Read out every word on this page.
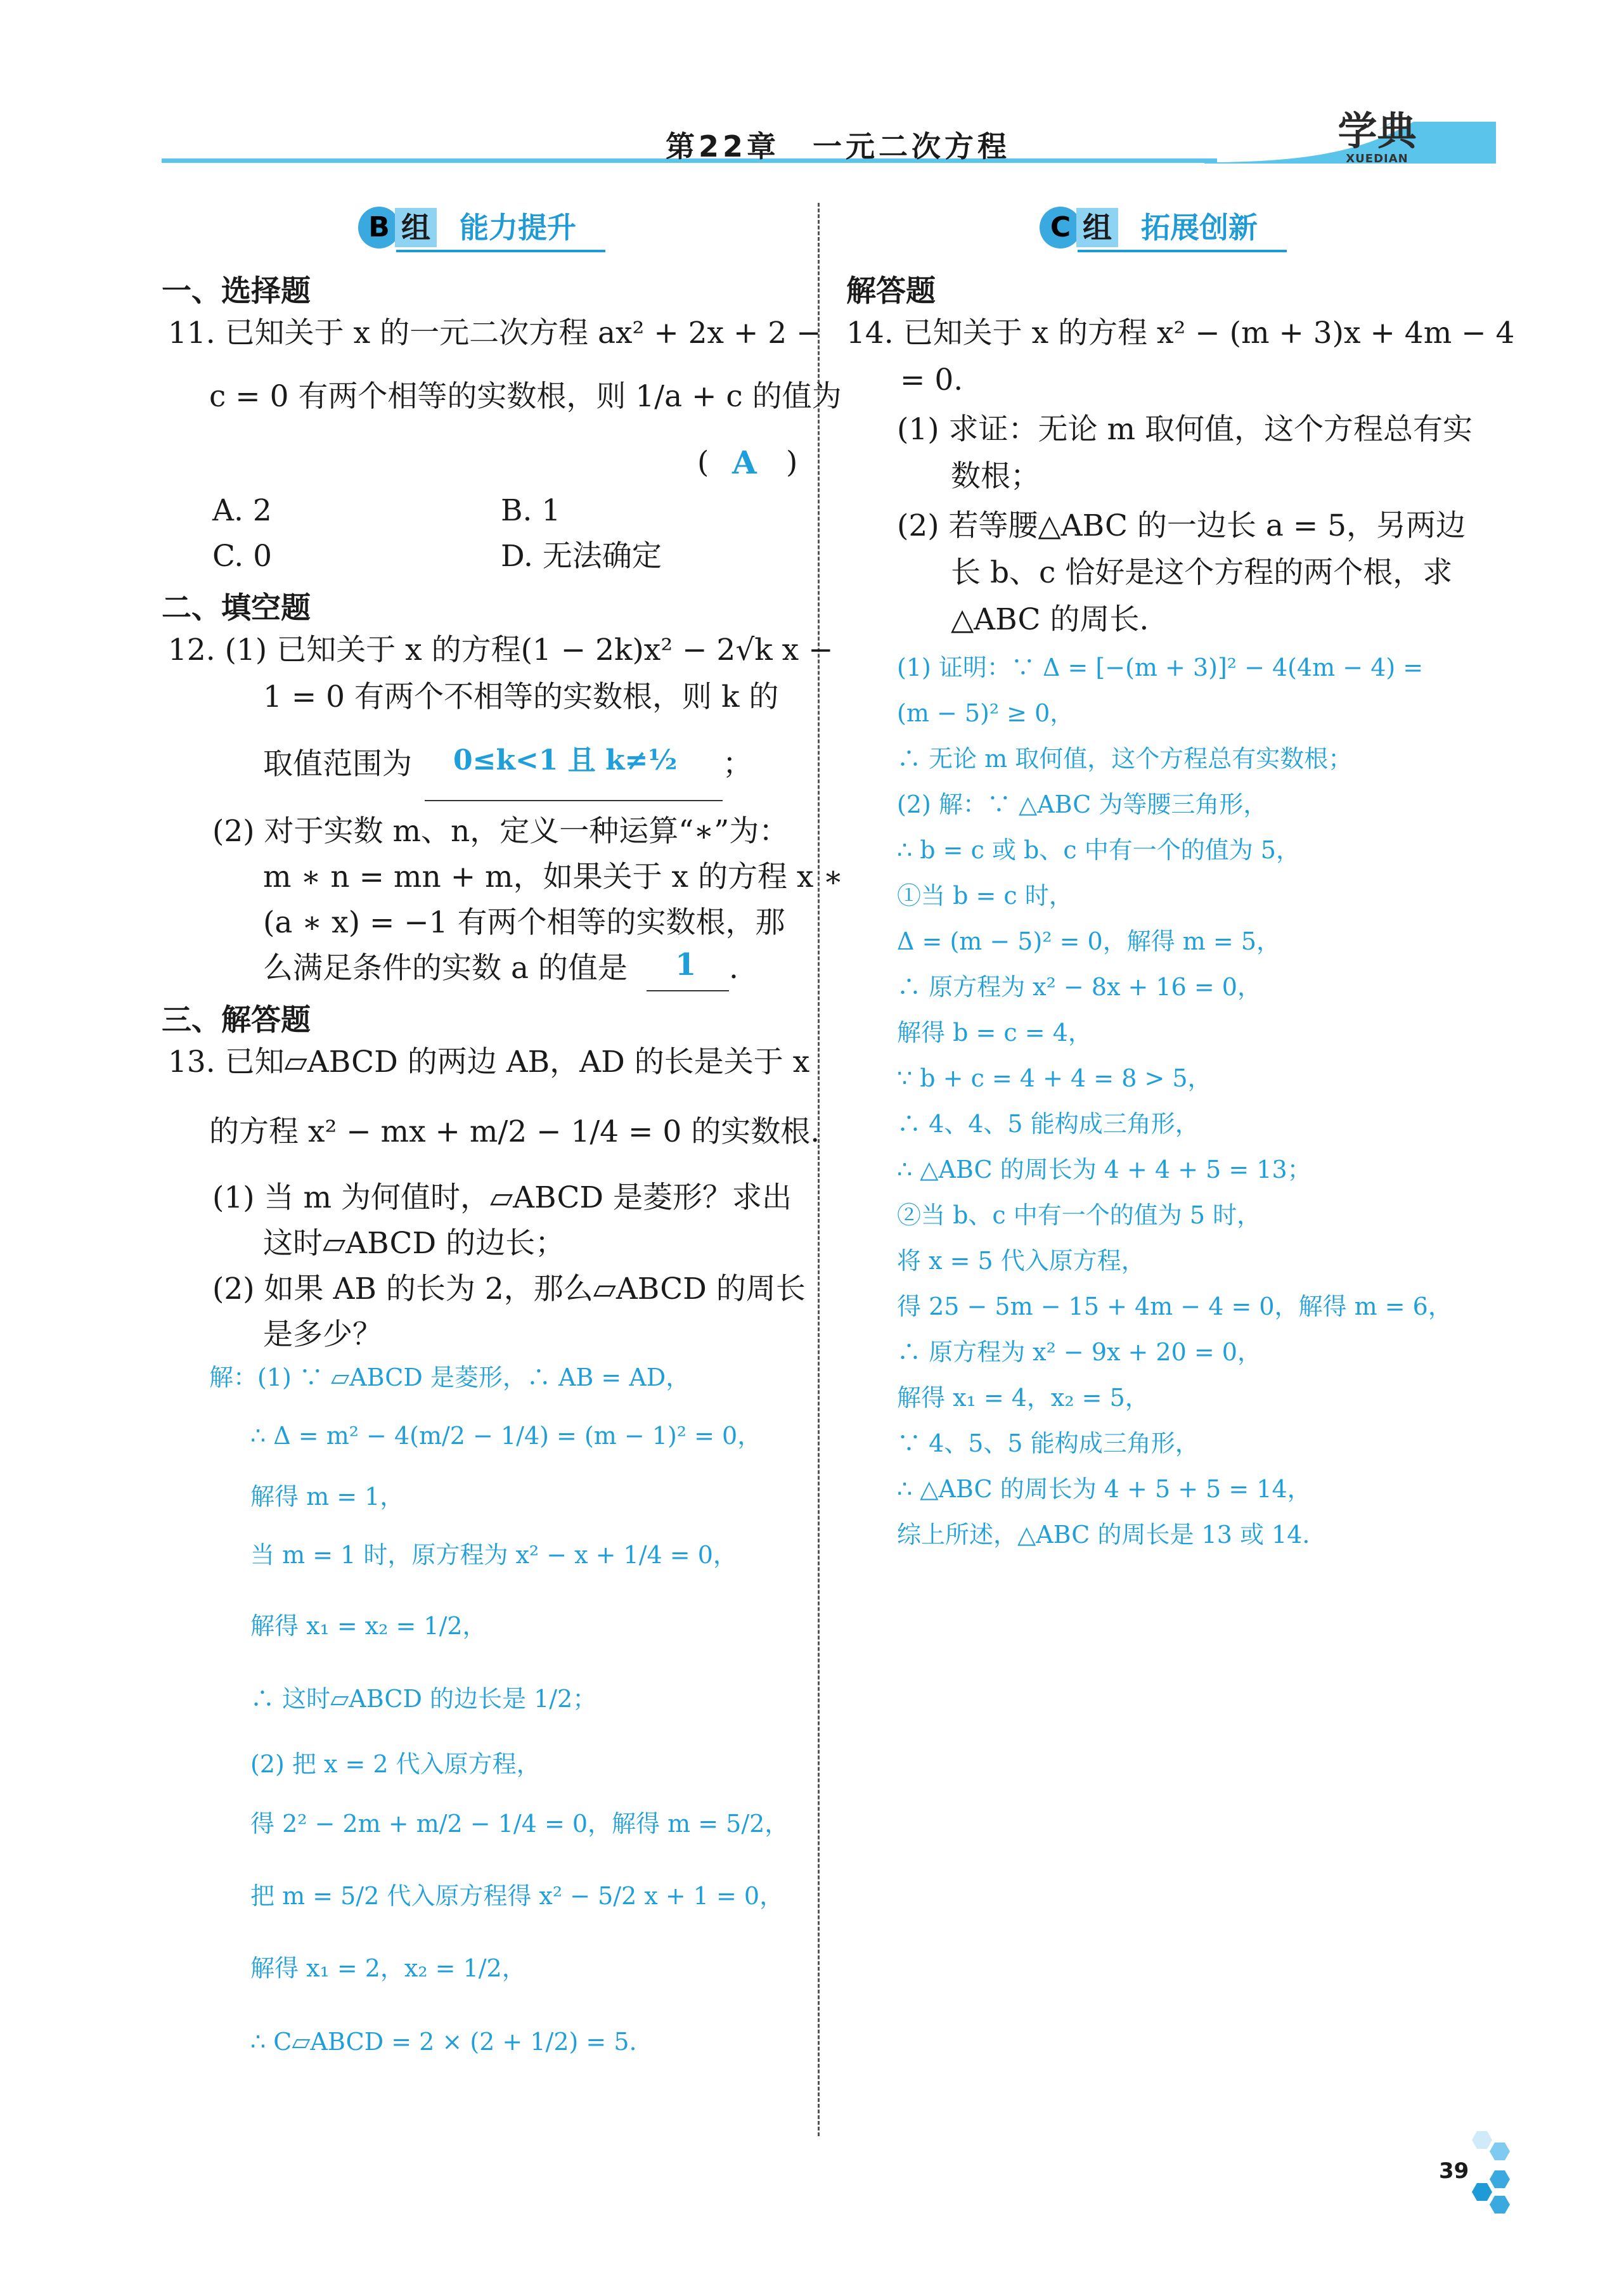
第22章　一元二次方程	学典
XUEDIAN
B 组 能力提升	C 组 拓展创新
一、选择题
11. 已知关于 x 的一元二次方程 ax² + 2x + 2 −
c = 0 有两个相等的实数根，则 1/a + c 的值为
( A )
A. 2	B. 1
C. 0	D. 无法确定
二、填空题
12. (1) 已知关于 x 的方程(1 − 2k)x² − 2√k x −
1 = 0 有两个不相等的实数根，则 k 的
取值范围为 0≤k<1 且 k≠½ ；
(2) 对于实数 m、n，定义一种运算“∗”为：
m ∗ n = mn + m，如果关于 x 的方程 x ∗
(a ∗ x) = −1 有两个相等的实数根，那
么满足条件的实数 a 的值是 1 .
三、解答题
13. 已知▱ABCD 的两边 AB，AD 的长是关于 x
的方程 x² − mx + m/2 − 1/4 = 0 的实数根.
(1) 当 m 为何值时，▱ABCD 是菱形？求出
这时▱ABCD 的边长；
(2) 如果 AB 的长为 2，那么▱ABCD 的周长
是多少？
解：(1) ∵ ▱ABCD 是菱形，∴ AB = AD，
∴ Δ = m² − 4(m/2 − 1/4) = (m − 1)² = 0，
解得 m = 1，
当 m = 1 时，原方程为 x² − x + 1/4 = 0，
解得 x₁ = x₂ = 1/2，
∴ 这时▱ABCD 的边长是 1/2；
(2) 把 x = 2 代入原方程，
得 2² − 2m + m/2 − 1/4 = 0，解得 m = 5/2，
把 m = 5/2 代入原方程得 x² − 5/2 x + 1 = 0，
解得 x₁ = 2，x₂ = 1/2，
∴ C▱ABCD = 2 × (2 + 1/2) = 5.
解答题
14. 已知关于 x 的方程 x² − (m + 3)x + 4m − 4
= 0.
(1) 求证：无论 m 取何值，这个方程总有实
数根；
(2) 若等腰△ABC 的一边长 a = 5，另两边
长 b、c 恰好是这个方程的两个根，求
△ABC 的周长.
(1) 证明：∵ Δ = [−(m + 3)]² − 4(4m − 4) =
(m − 5)² ≥ 0，
∴ 无论 m 取何值，这个方程总有实数根；
(2) 解：∵ △ABC 为等腰三角形，
∴ b = c 或 b、c 中有一个的值为 5，
①当 b = c 时，
Δ = (m − 5)² = 0，解得 m = 5，
∴ 原方程为 x² − 8x + 16 = 0，
解得 b = c = 4，
∵ b + c = 4 + 4 = 8 > 5，
∴ 4、4、5 能构成三角形，
∴ △ABC 的周长为 4 + 4 + 5 = 13；
②当 b、c 中有一个的值为 5 时，
将 x = 5 代入原方程，
得 25 − 5m − 15 + 4m − 4 = 0，解得 m = 6，
∴ 原方程为 x² − 9x + 20 = 0，
解得 x₁ = 4，x₂ = 5，
∵ 4、5、5 能构成三角形，
∴ △ABC 的周长为 4 + 5 + 5 = 14，
综上所述，△ABC 的周长是 13 或 14.
39
